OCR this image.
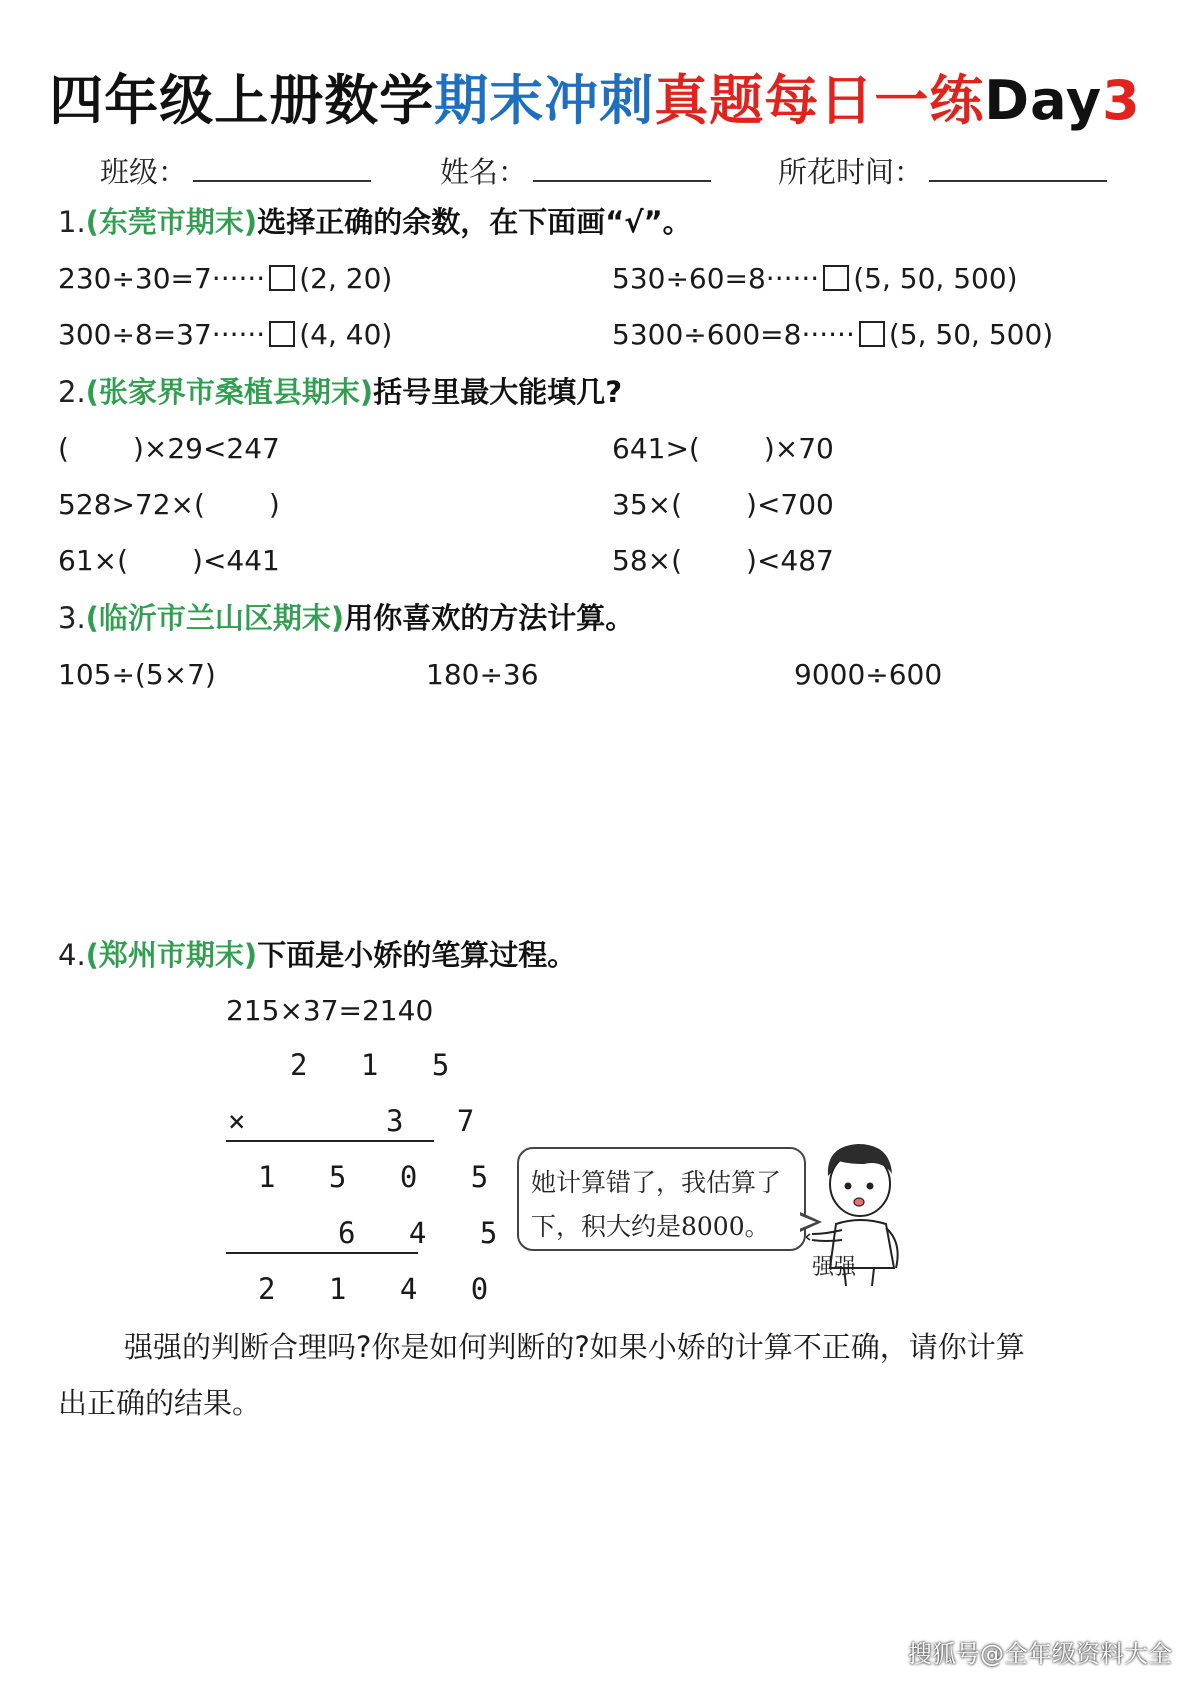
四年级上册数学期末冲刺真题每日一练Day3
班级：	姓名：	所花时间：
1.(东莞市期末)选择正确的余数，在下面画“√”。
230÷30=7······ (2, 20)	530÷60=8······ (5, 50, 500)
300÷8=37······ (4, 40)	5300÷600=8······ (5, 50, 500)
2.(张家界市桑植县期末)括号里最大能填几?
( )×29<247	641>( )×70
528>72×( )	35×( )<700
61×( )<441	58×( )<487
3.(临沂市兰山区期末)用你喜欢的方法计算。
105÷(5×7)	180÷36	9000÷600
4.(郑州市期末)下面是小娇的笔算过程。
215×37=2140
2 1 5
×	3 7
1 5 0 5
6 4 5
2 1 4 0
她计算错了，我估算了
下，积大约是8000。
强强
强强的判断合理吗?你是如何判断的?如果小娇的计算不正确，请你计算
出正确的结果。
搜狐号@全年级资料大全
